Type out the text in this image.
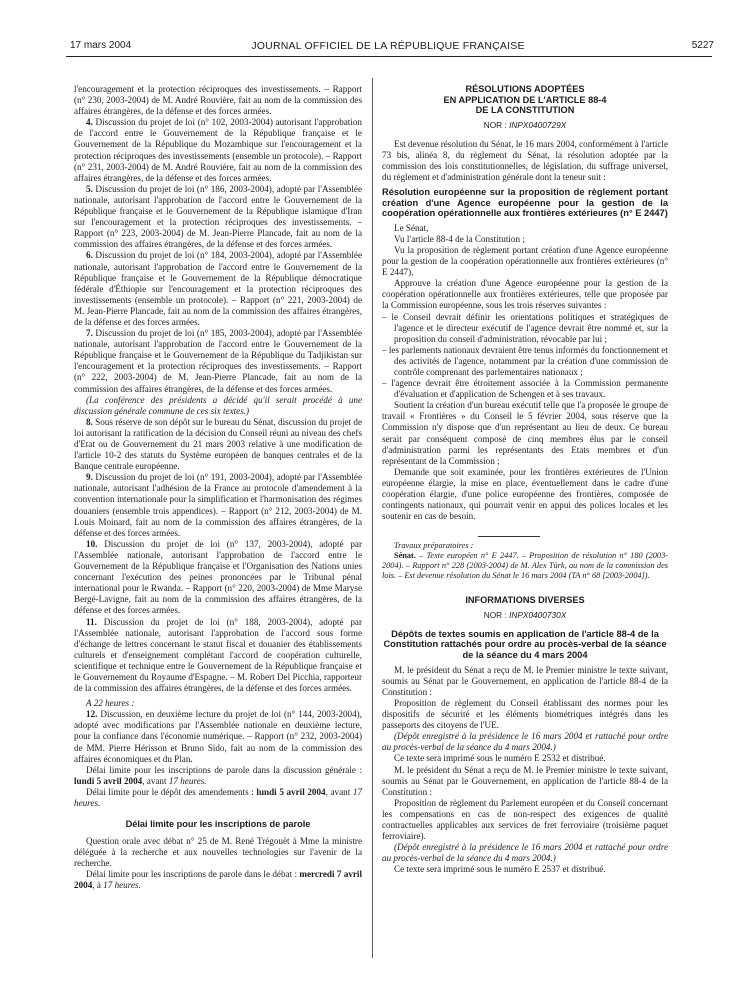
17 mars 2004	JOURNAL OFFICIEL DE LA RÉPUBLIQUE FRANÇAISE	5227

l'encouragement et la protection réciproques des investissements. – Rapport (n° 230, 2003-2004) de M. André Rouvière, fait au nom de la commission des affaires étrangères, de la défense et des forces armées.

4. Discussion du projet de loi (n° 102, 2003-2004) autorisant l'approbation de l'accord entre le Gouvernement de la République française et le Gouvernement de la République du Mozambique sur l'encouragement et la protection réciproques des investissements (ensemble un protocole). – Rapport (n° 231, 2003-2004) de M. André Rouvière, fait au nom de la commission des affaires étrangères, de la défense et des forces armées.

5. Discussion du projet de loi (n° 186, 2003-2004), adopté par l'Assemblée nationale, autorisant l'approbation de l'accord entre le Gouvernement de la République française et le Gouvernement de la République islamique d'Iran sur l'encouragement et la protection réciproques des investissements. – Rapport (n° 223, 2003-2004) de M. Jean-Pierre Plancade, fait au nom de la commission des affaires étrangères, de la défense et des forces armées.

6. Discussion du projet de loi (n° 184, 2003-2004), adopté par l'Assemblée nationale, autorisant l'approbation de l'accord entre le Gouvernement de la République française et le Gouvernement de la République démocratique fédérale d'Éthiopie sur l'encouragement et la protection réciproques des investissements (ensemble un protocole). – Rapport (n° 221, 2003-2004) de M. Jean-Pierre Plancade, fait au nom de la commission des affaires étrangères, de la défense et des forces armées.

7. Discussion du projet de loi (n° 185, 2003-2004), adopté par l'Assemblée nationale, autorisant l'approbation de l'accord entre le Gouvernement de la République française et le Gouvernement de la République du Tadjikistan sur l'encouragement et la protection réciproques des investissements. – Rapport (n° 222, 2003-2004) de M. Jean-Pierre Plancade, fait au nom de la commission des affaires étrangères, de la défense et des forces armées.

(La conférence des présidents a décidé qu'il serait procédé à une discussion générale commune de ces six textes.)

8. Sous réserve de son dépôt sur le bureau du Sénat, discussion du projet de loi autorisant la ratification de la décision du Conseil réuni au niveau des chefs d'Etat ou de Gouvernement du 21 mars 2003 relative à une modification de l'article 10-2 des statuts du Système européen de banques centrales et de la Banque centrale européenne.

9. Discussion du projet de loi (n° 191, 2003-2004), adopté par l'Assemblée nationale, autorisant l'adhésion de la France au protocole d'amendement à la convention internationale pour la simplification et l'harmonisation des régimes douaniers (ensemble trois appendices). – Rapport (n° 212, 2003-2004) de M. Louis Moinard, fait au nom de la commission des affaires étrangères, de la défense et des forces armées.

10. Discussion du projet de loi (n° 137, 2003-2004), adopté par l'Assemblée nationale, autorisant l'approbation de l'accord entre le Gouvernement de la République française et l'Organisation des Nations unies concernant l'exécution des peines prononcées par le Tribunal pénal international pour le Rwanda. – Rapport (n° 220, 2003-2004) de Mme Maryse Bergé-Lavigne, fait au nom de la commission des affaires étrangères, de la défense et des forces armées.

11. Discussion du projet de loi (n° 188, 2003-2004), adopté par l'Assemblée nationale, autorisant l'approbation de l'accord sous forme d'échange de lettres concernant le statut fiscal et douanier des établissements culturels et d'enseignement complétant l'accord de coopération culturelle, scientifique et technique entre le Gouvernement de la République française et le Gouvernement du Royaume d'Espagne. – M. Robert Del Picchia, rapporteur de la commission des affaires étrangères, de la défense et des forces armées.

A 22 heures :

12. Discussion, en deuxième lecture du projet de loi (n° 144, 2003-2004), adopté avec modifications par l'Assemblée nationale en deuxième lecture, pour la confiance dans l'économie numérique. – Rapport (n° 232, 2003-2004) de MM. Pierre Hérisson et Bruno Sido, fait au nom de la commission des affaires économiques et du Plan.

Délai limite pour les inscriptions de parole dans la discussion générale : lundi 5 avril 2004, avant 17 heures.

Délai limite pour le dépôt des amendements : lundi 5 avril 2004, avant 17 heures.

Délai limite pour les inscriptions de parole

Question orale avec débat n° 25 de M. René Trégouët à Mme la ministre déléguée à la recherche et aux nouvelles technologies sur l'avenir de la recherche.

Délai limite pour les inscriptions de parole dans le débat : mercredi 7 avril 2004, à 17 heures.

RÉSOLUTIONS ADOPTÉES
EN APPLICATION DE L'ARTICLE 88-4
DE LA CONSTITUTION
NOR : INPX0400729X

Est devenue résolution du Sénat, le 16 mars 2004, conformément à l'article 73 bis, alinéa 8, du règlement du Sénat, la résolution adoptée par la commission des lois constitutionnelles, de législation, du suffrage universel, du règlement et d'administration générale dont la teneur suit :

Résolution européenne sur la proposition de règlement portant création d'une Agence européenne pour la gestion de la coopération opérationnelle aux frontières extérieures (n° E 2447)

Le Sénat,

Vu l'article 88-4 de la Constitution ;

Vu la proposition de règlement portant création d'une Agence européenne pour la gestion de la coopération opérationnelle aux frontières extérieures (n° E 2447),

Approuve la création d'une Agence européenne pour la gestion de la coopération opérationnelle aux frontières extérieures, telle que proposée par la Commission européenne, sous les trois réserves suivantes :

– le Conseil devrait définir les orientations politiques et stratégiques de l'agence et le directeur exécutif de l'agence devrait être nommé et, sur la proposition du conseil d'administration, révocable par lui ;

– les parlements nationaux devraient être tenus informés du fonctionnement et des activités de l'agence, notamment par la création d'une commission de contrôle comprenant des parlementaires nationaux ;

– l'agence devrait être étroitement associée à la Commission permanente d'évaluation et d'application de Schengen et à ses travaux.

Soutient la création d'un bureau exécutif telle que l'a proposée le groupe de travail « Frontières » du Conseil le 5 février 2004, sous réserve que la Commission n'y dispose que d'un représentant au lieu de deux. Ce bureau serait par conséquent composé de cinq membres élus par le conseil d'administration parmi les représentants des Etats membres et d'un représentant de la Commission ;

Demande que soit examinée, pour les frontières extérieures de l'Union européenne élargie, la mise en place, éventuellement dans le cadre d'une coopération élargie, d'une police européenne des frontières, composée de contingents nationaux, qui pourrait venir en appui des polices locales et les soutenir en cas de besoin.

Travaux préparatoires :

Sénat. – Texte européen n° E 2447. – Proposition de résolution n° 180 (2003-2004). – Rapport n° 228 (2003-2004) de M. Alex Türk, au nom de la commission des lois. – Est devenue résolution du Sénat le 16 mars 2004 (TA n° 68 [2003-2004]).

INFORMATIONS DIVERSES
NOR : INPX0400730X
Dépôts de textes soumis en application de l'article 88-4 de la Constitution rattachés pour ordre au procès-verbal de la séance de la séance du 4 mars 2004

M. le président du Sénat a reçu de M. le Premier ministre le texte suivant, soumis au Sénat par le Gouvernement, en application de l'article 88-4 de la Constitution :

Proposition de règlement du Conseil établissant des normes pour les dispositifs de sécurité et les éléments biométriques intégrés dans les passeports des citoyens de l'UE.

(Dépôt enregistré à la présidence le 16 mars 2004 et rattaché pour ordre au procès-verbal de la séance du 4 mars 2004.)

Ce texte sera imprimé sous le numéro E 2532 et distribué.

M. le président du Sénat a reçu de M. le Premier ministre le texte suivant, soumis au Sénat par le Gouvernement, en application de l'article 88-4 de la Constitution :

Proposition de règlement du Parlement européen et du Conseil concernant les compensations en cas de non-respect des exigences de qualité contractuelles applicables aux services de fret ferroviaire (troisième paquet ferroviaire).

(Dépôt enregistré à la présidence le 16 mars 2004 et rattaché pour ordre au procès-verbal de la séance du 4 mars 2004.)

Ce texte sera imprimé sous le numéro E 2537 et distribué.
